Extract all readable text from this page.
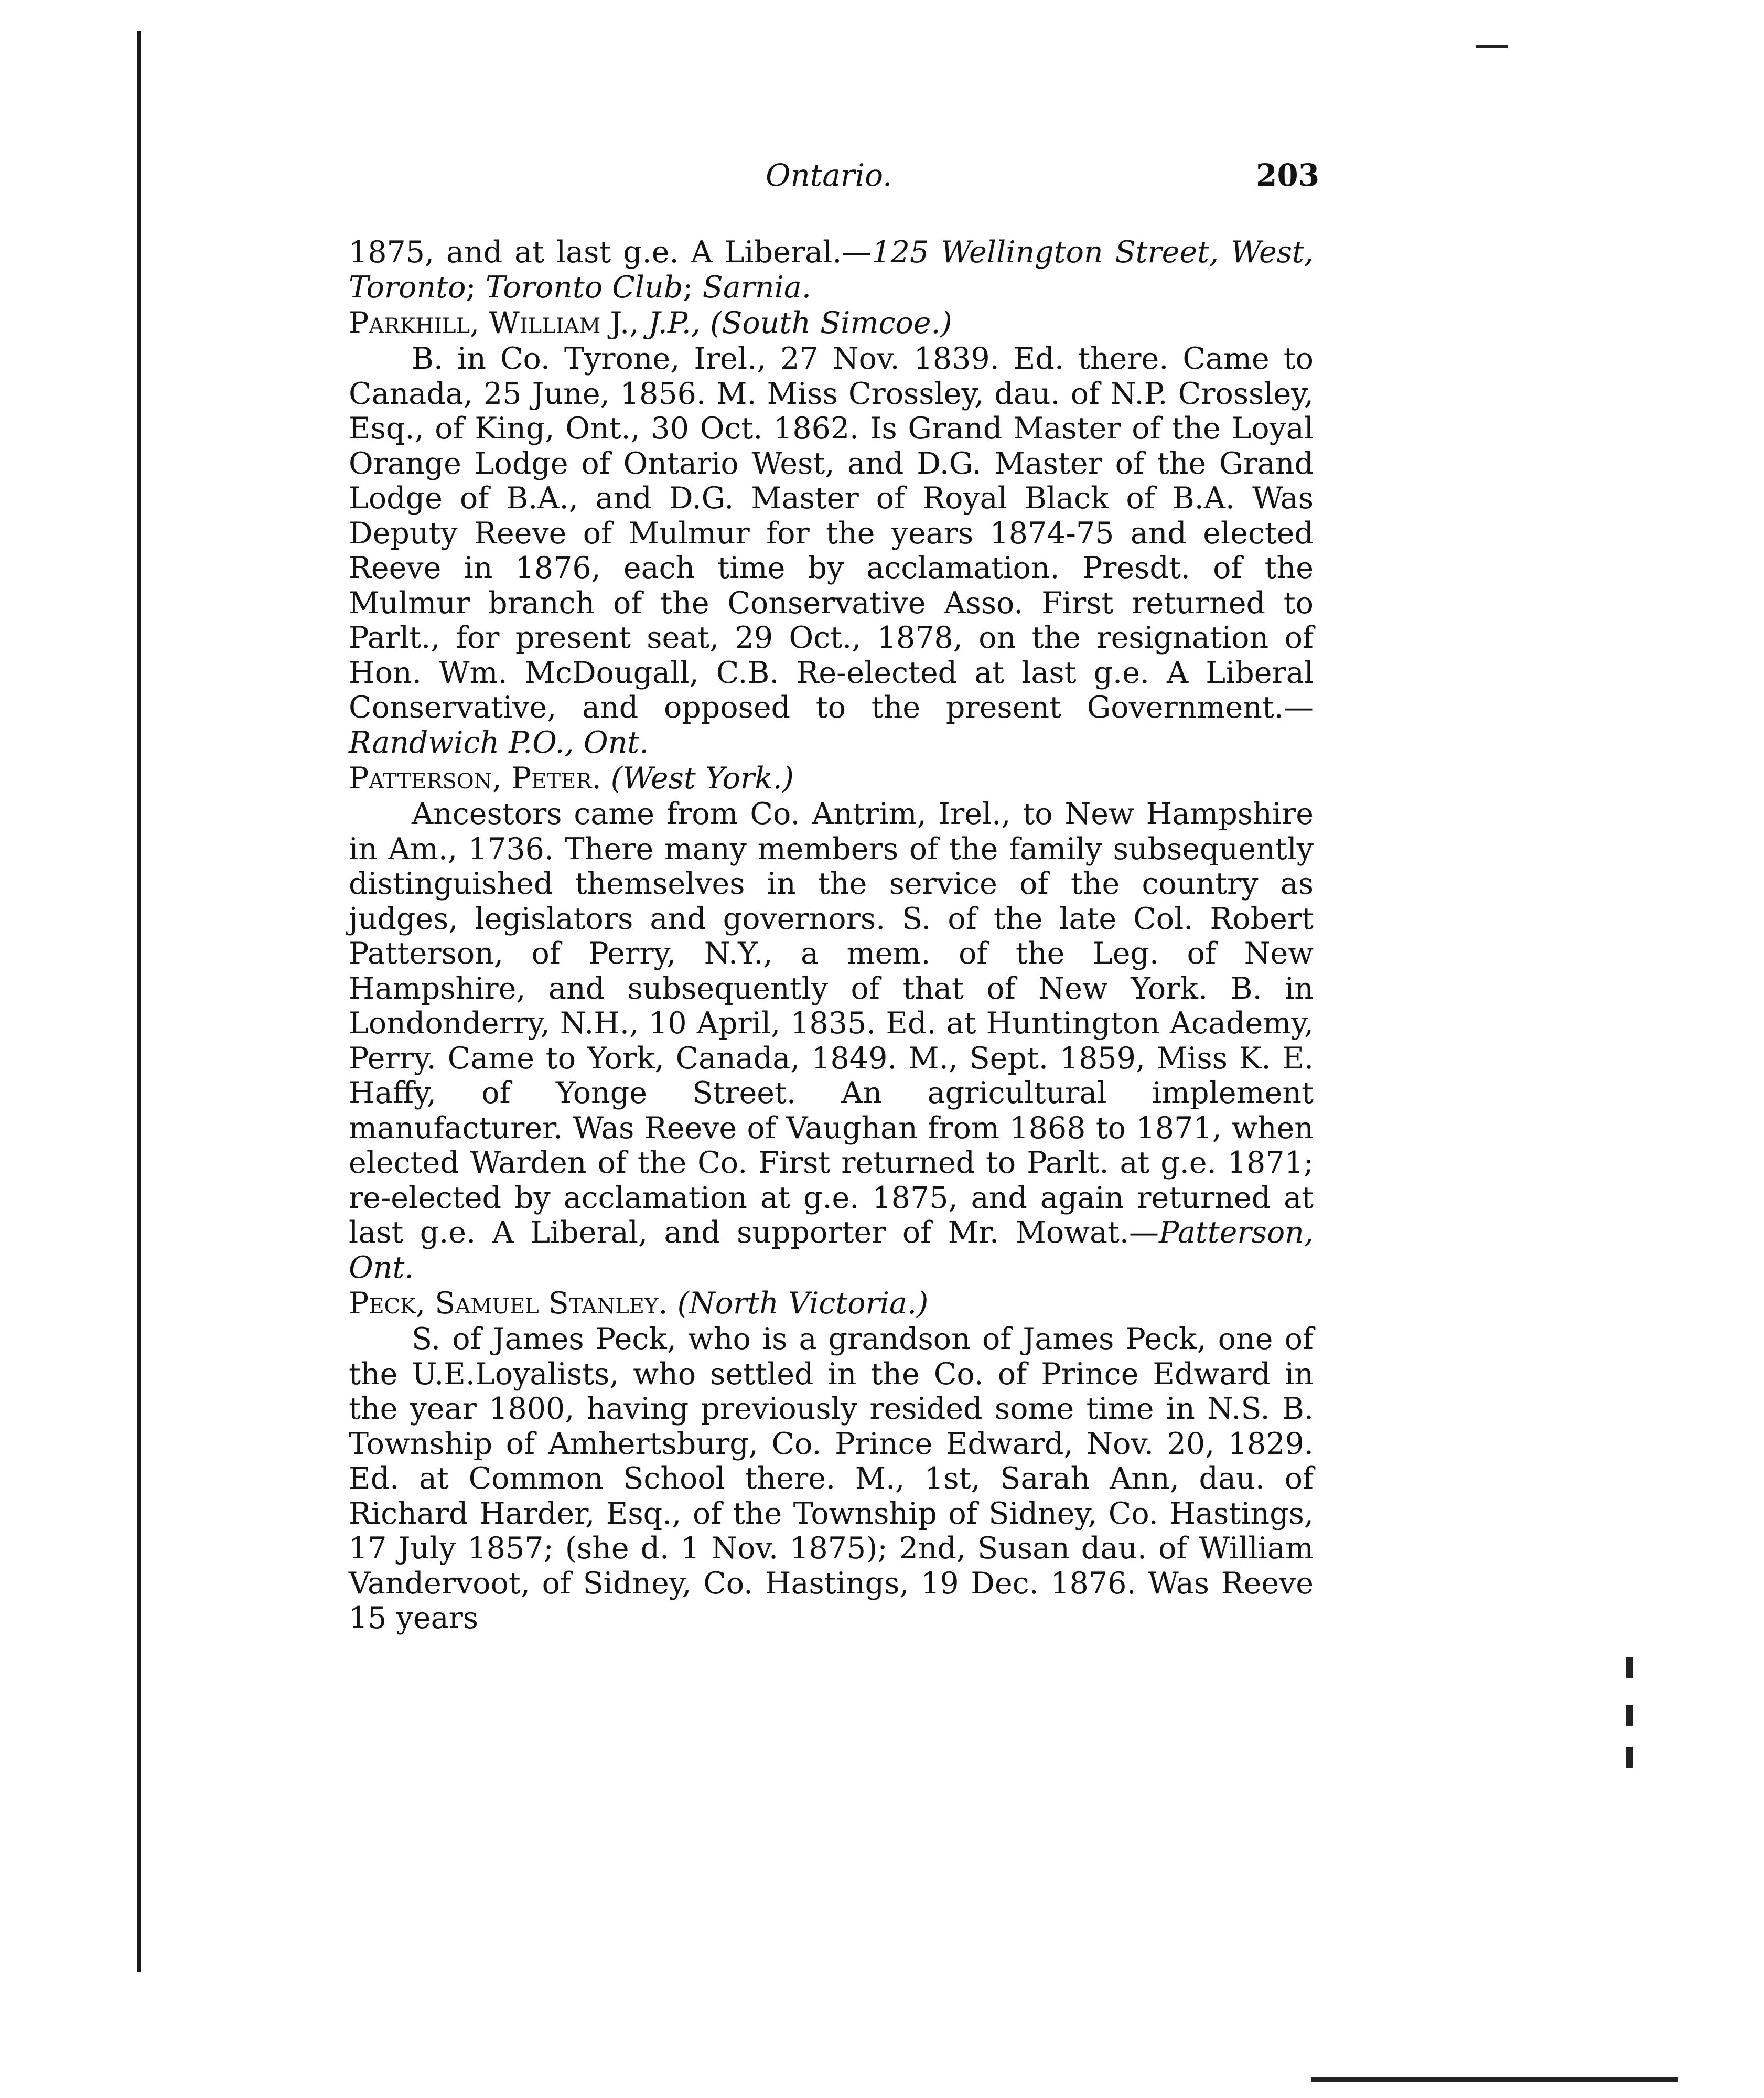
Ontario.	203

1875, and at last g.e. A Liberal.—125 Wellington Street, West, Toronto; Toronto Club; Sarnia.

Parkhill, William J., J.P., (South Simcoe.)

B. in Co. Tyrone, Irel., 27 Nov. 1839. Ed. there. Came to Canada, 25 June, 1856. M. Miss Crossley, dau. of N.P. Crossley, Esq., of King, Ont., 30 Oct. 1862. Is Grand Master of the Loyal Orange Lodge of Ontario West, and D.G. Master of the Grand Lodge of B.A., and D.G. Master of Royal Black of B.A. Was Deputy Reeve of Mulmur for the years 1874-75 and elected Reeve in 1876, each time by acclamation. Presdt. of the Mulmur branch of the Conservative Asso. First returned to Parlt., for present seat, 29 Oct., 1878, on the resignation of Hon. Wm. McDougall, C.B. Re-elected at last g.e. A Liberal Conservative, and opposed to the present Government.—Randwich P.O., Ont.

Patterson, Peter. (West York.)

Ancestors came from Co. Antrim, Irel., to New Hampshire in Am., 1736. There many members of the family subsequently distinguished themselves in the service of the country as judges, legislators and governors. S. of the late Col. Robert Patterson, of Perry, N.Y., a mem. of the Leg. of New Hampshire, and subsequently of that of New York. B. in Londonderry, N.H., 10 April, 1835. Ed. at Huntington Academy, Perry. Came to York, Canada, 1849. M., Sept. 1859, Miss K. E. Haffy, of Yonge Street. An agricultural implement manufacturer. Was Reeve of Vaughan from 1868 to 1871, when elected Warden of the Co. First returned to Parlt. at g.e. 1871; re-elected by acclamation at g.e. 1875, and again returned at last g.e. A Liberal, and supporter of Mr. Mowat.—Patterson, Ont.

Peck, Samuel Stanley. (North Victoria.)

S. of James Peck, who is a grandson of James Peck, one of the U.E.Loyalists, who settled in the Co. of Prince Edward in the year 1800, having previously resided some time in N.S. B. Township of Amhertsburg, Co. Prince Edward, Nov. 20, 1829. Ed. at Common School there. M., 1st, Sarah Ann, dau. of Richard Harder, Esq., of the Township of Sidney, Co. Hastings, 17 July 1857; (she d. 1 Nov. 1875); 2nd, Susan dau. of William Vandervoot, of Sidney, Co. Hastings, 19 Dec. 1876. Was Reeve 15 years
